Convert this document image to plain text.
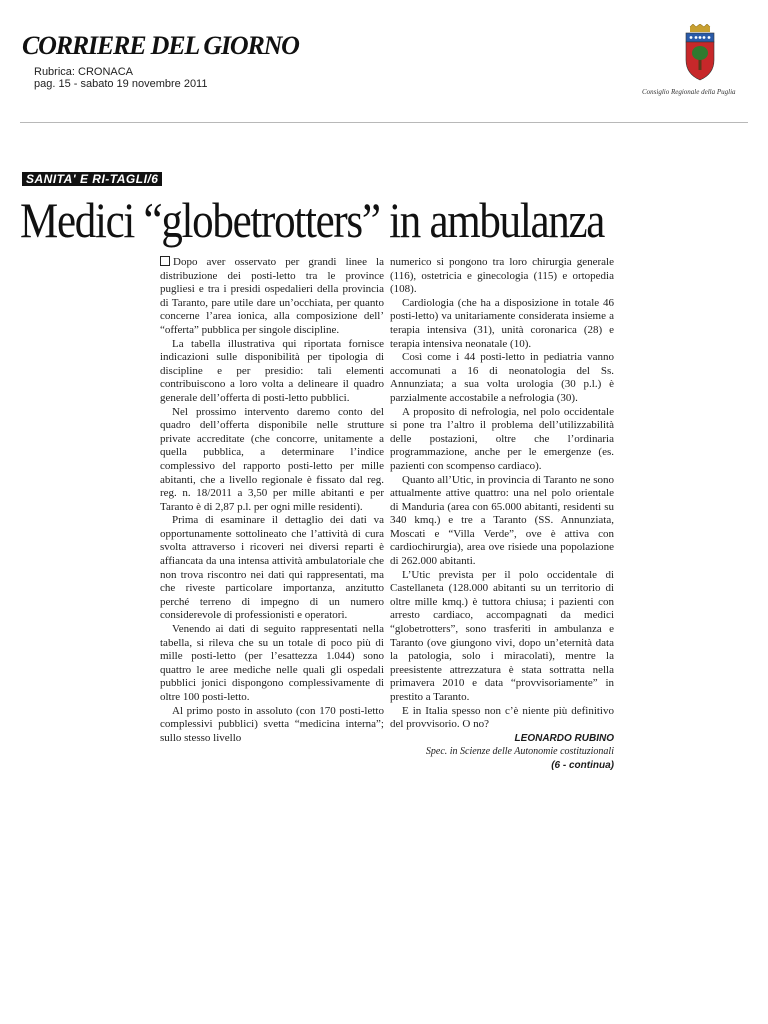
CORRIERE DEL GIORNO
Rubrica: CRONACA
pag. 15 - sabato 19 novembre 2011
Consiglio Regionale della Puglia
SANITA' E RI-TAGLI/6
Medici “globetrotters” in ambulanza

Dopo aver osservato per grandi linee la distribuzione dei posti-letto tra le province pugliesi e tra i presidi ospedalieri della provincia di Taranto, pare utile dare un’occhiata, per quanto concerne l’area ionica, alla composizione dell’ “offerta” pubblica per singole discipline.

La tabella illustrativa qui riportata fornisce indicazioni sulle disponibilità per tipologia di discipline e per presidio: tali elementi contribuiscono a loro volta a delineare il quadro generale dell’offerta di posti-letto pubblici.

Nel prossimo intervento daremo conto del quadro dell’offerta disponibile nelle strutture private accreditate (che concorre, unitamente a quella pubblica, a determinare l’indice complessivo del rapporto posti-letto per mille abitanti, che a livello regionale è fissato dal reg. reg. n. 18/2011 a 3,50 per mille abitanti e per Taranto è di 2,87 p.l. per ogni mille residenti).

Prima di esaminare il dettaglio dei dati va opportunamente sottolineato che l’attività di cura svolta attraverso i ricoveri nei diversi reparti è affiancata da una intensa attività ambulatoriale che non trova riscontro nei dati qui rappresentati, ma che riveste particolare importanza, anzitutto perché terreno di impegno di un numero considerevole di professionisti e operatori.

Venendo ai dati di seguito rappresentati nella tabella, si rileva che su un totale di poco più di mille posti-letto (per l’esattezza 1.044) sono quattro le aree mediche nelle quali gli ospedali pubblici jonici dispongono complessivamente di oltre 100 posti-letto.

Al primo posto in assoluto (con 170 posti-letto complessivi pubblici) svetta “medicina interna”; sullo stesso livello

numerico si pongono tra loro chirurgia generale (116), ostetricia e ginecologia (115) e ortopedia (108).

Cardiologia (che ha a disposizione in totale 46 posti-letto) va unitariamente considerata insieme a terapia intensiva (31), unità coronarica (28) e terapia intensiva neonatale (10).

Così come i 44 posti-letto in pediatria vanno accomunati a 16 di neonatologia del Ss. Annunziata; a sua volta urologia (30 p.l.) è parzialmente accostabile a nefrologia (30).

A proposito di nefrologia, nel polo occidentale si pone tra l’altro il problema dell’utilizzabilità delle postazioni, oltre che l’ordinaria programmazione, anche per le emergenze (es. pazienti con scompenso cardiaco).

Quanto all’Utic, in provincia di Taranto ne sono attualmente attive quattro: una nel polo orientale di Manduria (area con 65.000 abitanti, residenti su 340 kmq.) e tre a Taranto (SS. Annunziata, Moscati e “Villa Verde”, ove è attiva con cardiochirurgia), area ove risiede una popolazione di 262.000 abitanti.

L’Utic prevista per il polo occidentale di Castellaneta (128.000 abitanti su un territorio di oltre mille kmq.) è tuttora chiusa; i pazienti con arresto cardiaco, accompagnati da medici “globetrotters”, sono trasferiti in ambulanza e Taranto (ove giungono vivi, dopo un’eternità data la patologia, solo i miracolati), mentre la preesistente attrezzatura è stata sottratta nella primavera 2010 e data “provvisoriamente” in prestito a Taranto.

E in Italia spesso non c’è niente più definitivo del provvisorio. O no?

LEONARDO RUBINO
Spec. in Scienze delle Autonomie costituzionali
(6 - continua)
